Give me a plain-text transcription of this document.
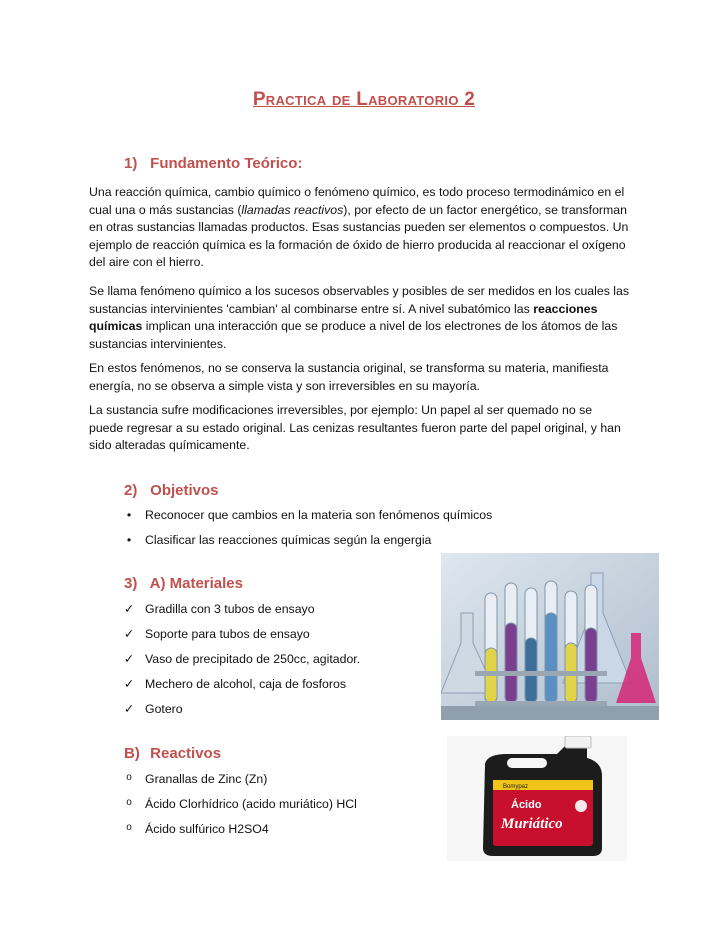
Practica de Laboratorio 2
1) Fundamento Teórico:

Una reacción química, cambio químico o fenómeno químico, es todo proceso termodinámico en el cual una o más sustancias (llamadas reactivos), por efecto de un factor energético, se transforman en otras sustancias llamadas productos. Esas sustancias pueden ser elementos o compuestos. Un ejemplo de reacción química es la formación de óxido de hierro producida al reaccionar el oxígeno del aire con el hierro.

Se llama fenómeno químico a los sucesos observables y posibles de ser medidos en los cuales las sustancias intervinientes 'cambian' al combinarse entre sí. A nivel subatómico las reacciones químicas implican una interacción que se produce a nivel de los electrones de los átomos de las sustancias intervinientes.

En estos fenómenos, no se conserva la sustancia original, se transforma su materia, manifiesta energía, no se observa a simple vista y son irreversibles en su mayoría.

La sustancia sufre modificaciones irreversibles, por ejemplo: Un papel al ser quemado no se puede regresar a su estado original. Las cenizas resultantes fueron parte del papel original, y han sido alteradas químicamente.

2) Objetivos
•	Reconocer que cambios en la materia son fenómenos químicos
•	Clasificar las reacciones químicas según la engergia
3) A) Materiales
✓ Gradilla con 3 tubos de ensayo
✓ Soporte para tubos de ensayo
✓ Vaso de precipitado de 250cc, agitador.
✓ Mechero de alcohol, caja de fosforos
✓ Gotero
B) Reactivos
o	Granallas de Zinc (Zn)
o	Ácido Clorhídrico (acido muriático) HCl
o	Ácido sulfúrico H2SO4
Bomypaz
Ácido
Muriático
